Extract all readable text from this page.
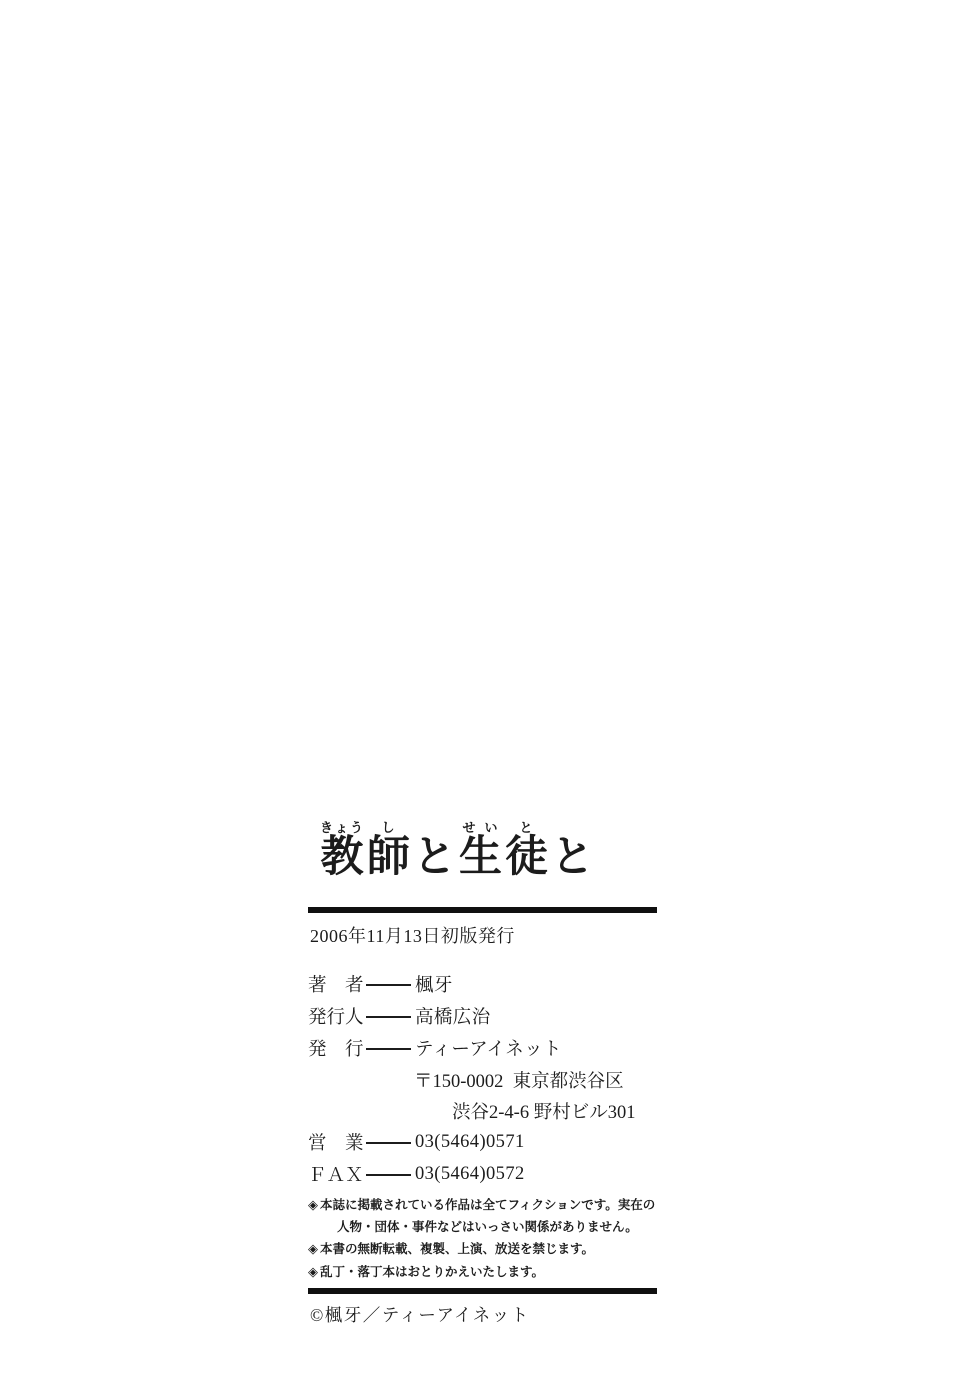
教きょう師しと生せい徒とと
2006年11月13日初版発行
著　者	楓牙
発行人	高橋広治
発　行	ティーアイネット
〒150-0002  東京都渋谷区
渋谷2-4-6 野村ビル301
営　業	03(5464)0571
ＦＡＸ	03(5464)0572
◈ 本誌に掲載されている作品は全てフィクションです。実在の人物・団体・事件などはいっさい関係がありません。
◈ 本書の無断転載、複製、上演、放送を禁じます。
◈ 乱丁・落丁本はおとりかえいたします。
©楓牙／ティーアイネット
